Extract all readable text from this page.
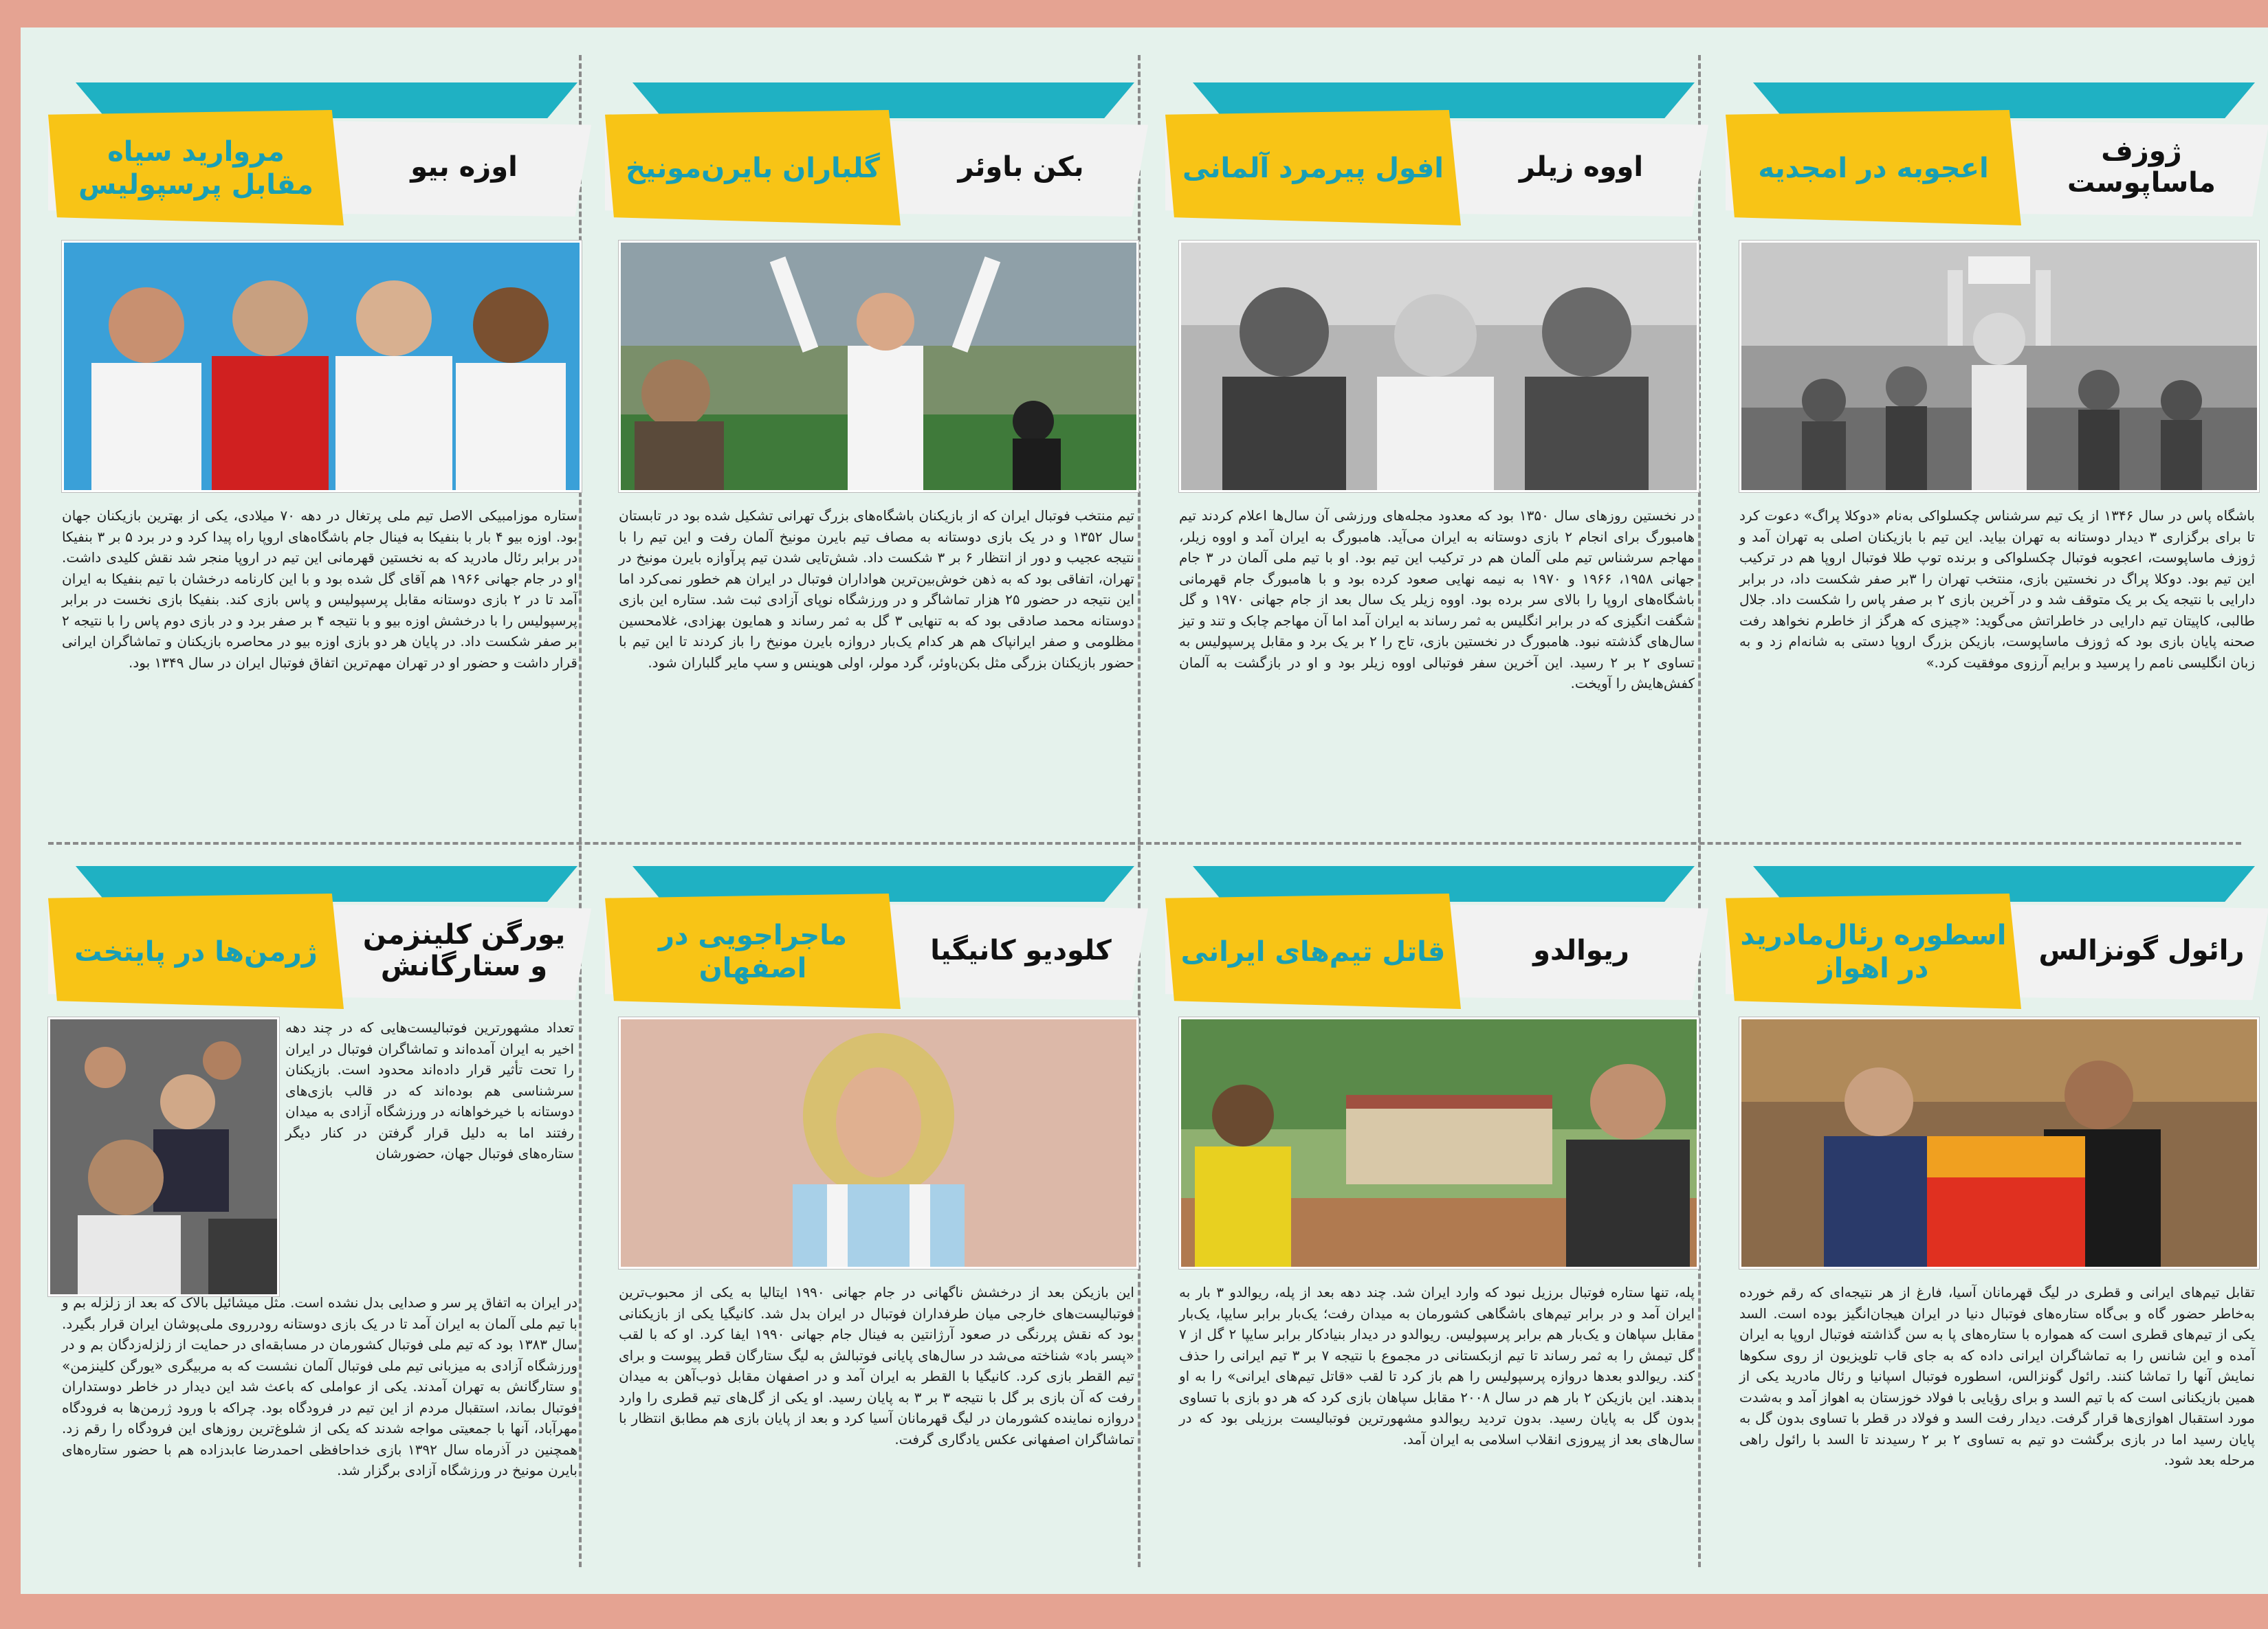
ژوزف ماساپوست
اعجوبه در امجدیه
باشگاه پاس در سال ۱۳۴۶ از یک تیم سرشناس چکسلواکی به‌نام «دوکلا پراگ» دعوت کرد تا برای برگزاری ۳ دیدار دوستانه به تهران بیاید. این تیم با بازیکنان اصلی به تهران آمد و ژوزف ماساپوست، اعجوبه فوتبال چکسلواکی و برنده توپ طلا فوتبال اروپا هم در ترکیب این تیم بود. دوکلا پراگ در نخستین بازی، منتخب تهران را ۳بر صفر شکست داد، در برابر دارایی با نتیجه یک بر یک متوقف شد و در آخرین بازی ۲ بر صفر پاس را شکست داد. جلال طالبی، کاپیتان تیم دارایی در خاطراتش می‌گوید: «چیزی که هرگز از خاطرم نخواهد رفت صحنه پایان بازی بود که ژوزف ماساپوست، بازیکن بزرگ اروپا دستی به شانه‌ام زد و به زبان انگلیسی نامم را پرسید و برایم آرزوی موفقیت کرد.»
اووه زیلر
افول پیرمرد آلمانی
در نخستین روزهای سال ۱۳۵۰ بود که معدود مجله‌های ورزشی آن سال‌ها اعلام کردند تیم هامبورگ برای انجام ۲ بازی دوستانه به ایران می‌آید. هامبورگ به ایران آمد و اووه زیلر، مهاجم سرشناس تیم ملی آلمان هم در ترکیب این تیم بود. او با تیم ملی آلمان در ۳ جام جهانی ۱۹۵۸، ۱۹۶۶ و ۱۹۷۰ به نیمه نهایی صعود کرده بود و با هامبورگ جام قهرمانی باشگاه‌های اروپا را بالای سر برده بود. اووه زیلر یک سال بعد از جام جهانی ۱۹۷۰ و گل شگفت انگیزی که در برابر انگلیس به ثمر رساند به ایران آمد اما آن مهاجم چابک و تند و تیز سال‌های گذشته نبود. هامبورگ در نخستین بازی، تاج را ۲ بر یک برد و مقابل پرسپولیس به تساوی ۲ بر ۲ رسید. این آخرین سفر فوتبالی اووه زیلر بود و او در بازگشت به آلمان کفش‌هایش را آویخت.
بکن باوئر
گلباران بایرن‌مونیخ
تیم منتخب فوتبال ایران که از بازیکنان باشگاه‌های بزرگ تهرانی تشکیل شده بود در تابستان سال ۱۳۵۲ و در یک بازی دوستانه به مصاف تیم بایرن مونیخ آلمان رفت و این تیم را با نتیجه عجیب و دور از انتظار ۶ بر ۳ شکست داد. شش‌تایی شدن تیم پرآوازه بایرن مونیخ در تهران، اتفاقی بود که به ذهن خوش‌بین‌ترین هواداران فوتبال در ایران هم خطور نمی‌کرد اما این نتیجه در حضور ۲۵ هزار تماشاگر و در ورزشگاه نوپای آزادی ثبت شد. ستاره این بازی دوستانه محمد صادقی بود که به تنهایی ۳ گل به ثمر رساند و همایون بهزادی، غلامحسین مظلومی و صفر ایرانپاک هم هر کدام یک‌بار دروازه بایرن مونیخ را باز کردند تا این تیم با حضور بازیکنان بزرگی مثل بکن‌باوئر، گرد مولر، اولی هوینس و سپ مایر گلباران شود.
اوزه بیو
مروارید سیاه مقابل پرسپولیس
ستاره موزامبیکی الاصل تیم ملی پرتغال در دهه ۷۰ میلادی، یکی از بهترین بازیکنان جهان بود. اوزه بیو ۴ بار با بنفیکا به فینال جام باشگاه‌های اروپا راه پیدا کرد و در برد ۵ بر ۳ بنفیکا در برابر رئال مادرید که به نخستین قهرمانی این تیم در اروپا منجر شد نقش کلیدی داشت. او در جام جهانی ۱۹۶۶ هم آقای گل شده بود و با این کارنامه درخشان با تیم بنفیکا به ایران آمد تا در ۲ بازی دوستانه مقابل پرسپولیس و پاس بازی کند. بنفیکا بازی نخست در برابر پرسپولیس را با درخشش اوزه بیو و با نتیجه ۴ بر صفر برد و در بازی دوم پاس را با نتیجه ۲ بر صفر شکست داد. در پایان هر دو بازی اوزه بیو در محاصره بازیکنان و تماشاگران ایرانی قرار داشت و حضور او در تهران مهم‌ترین اتفاق فوتبال ایران در سال ۱۳۴۹ بود.
رائول گونزالس
اسطوره رئال‌مادرید در اهواز
تقابل تیم‌های ایرانی و قطری در لیگ قهرمانان آسیا، فارغ از هر نتیجه‌ای که رقم خورده به‌خاطر حضور گاه و بی‌گاه ستاره‌های فوتبال دنیا در ایران هیجان‌انگیز بوده است. السد یکی از تیم‌های قطری است که همواره با ستاره‌های پا به سن گذاشته فوتبال اروپا به ایران آمده و این شانس را به تماشاگران ایرانی داده که به جای قاب تلویزیون از روی سکوها نمایش آنها را تماشا کنند. رائول گونزالس، اسطوره فوتبال اسپانیا و رئال مادرید یکی از همین بازیکنانی است که با تیم السد و برای رؤیایی با فولاد خوزستان به اهواز آمد و به‌شدت مورد استقبال اهوازی‌ها قرار گرفت. دیدار رفت السد و فولاد در قطر با تساوی بدون گل به پایان رسید اما در بازی برگشت دو تیم به تساوی ۲ بر ۲ رسیدند تا السد با رائول راهی مرحله بعد شود.
ریوالدو
قاتل تیم‌های ایرانی
پله، تنها ستاره فوتبال برزیل نبود که وارد ایران شد. چند دهه بعد از پله، ریوالدو ۳ بار به ایران آمد و در برابر تیم‌های باشگاهی کشورمان به میدان رفت؛ یک‌بار برابر سایپا، یک‌بار مقابل سپاهان و یک‌بار هم برابر پرسپولیس. ریوالدو در دیدار بنیادکار برابر سایپا ۲ گل از ۷ گل تیمش را به ثمر رساند تا تیم ازبکستانی در مجموع با نتیجه ۷ بر ۳ تیم ایرانی را حذف کند. ریوالدو بعدها دروازه پرسپولیس را هم باز کرد تا لقب «قاتل تیم‌های ایرانی» را به او بدهند. این بازیکن ۲ بار هم در سال ۲۰۰۸ مقابل سپاهان بازی کرد که هر دو بازی با تساوی بدون گل به پایان رسید. بدون تردید ریوالدو مشهورترین فوتبالیست برزیلی بود که در سال‌های بعد از پیروزی انقلاب اسلامی به ایران آمد.
کلودیو کانیگیا
ماجراجویی در اصفهان
این بازیکن بعد از درخشش ناگهانی در جام جهانی ۱۹۹۰ ایتالیا به یکی از محبوب‌ترین فوتبالیست‌های خارجی میان طرفداران فوتبال در ایران بدل شد. کانیگیا یکی از بازیکنانی بود که نقش پررنگی در صعود آرژانتین به فینال جام جهانی ۱۹۹۰ ایفا کرد. او که با لقب «پسر باد» شناخته می‌شد در سال‌های پایانی فوتبالش به لیگ ستارگان قطر پیوست و برای تیم القطر بازی کرد. کانیگیا با القطر به ایران آمد و در اصفهان مقابل ذوب‌آهن به میدان رفت که آن بازی بر گل با نتیجه ۳ بر ۳ به پایان رسید. او یکی از گل‌های تیم قطری را وارد دروازه نماینده کشورمان در لیگ قهرمانان آسیا کرد و بعد از پایان بازی هم مطابق انتظار با تماشاگران اصفهانی عکس یادگاری گرفت.
یورگن کلینزمن و ستارگانش
ژرمن‌ها در پایتخت
تعداد مشهورترین فوتبالیست‌هایی که در چند دهه اخیر به ایران آمده‌اند و تماشاگران فوتبال در ایران را تحت تأثیر قرار داده‌اند محدود است. بازیکنان سرشناسی هم بوده‌اند که در قالب بازی‌های دوستانه با خیرخواهانه در ورزشگاه آزادی به میدان رفتند اما به دلیل قرار گرفتن در کنار دیگر ستاره‌های فوتبال جهان، حضورشان
در ایران به اتفاق پر سر و صدایی بدل نشده است. مثل میشائیل بالاک که بعد از زلزله بم و با تیم ملی آلمان به ایران آمد تا در یک بازی دوستانه رودرروی ملی‌پوشان ایران قرار بگیرد. سال ۱۳۸۳ بود که تیم ملی فوتبال کشورمان در مسابقه‌ای در حمایت از زلزله‌زدگان بم و در ورزشگاه آزادی به میزبانی تیم ملی فوتبال آلمان نشست که به مربیگری «یورگن کلینزمن» و ستارگانش به تهران آمدند. یکی از عواملی که باعث شد این دیدار در خاطر دوستداران فوتبال بماند، استقبال مردم از این تیم در فرودگاه بود. چراکه با ورود ژرمن‌ها به فرودگاه مهرآباد، آنها با جمعیتی مواجه شدند که یکی از شلوغ‌ترین روزهای این فرودگاه را رقم زد. همچنین در آذرماه سال ۱۳۹۲ بازی خداحافظی احمدرضا عابدزاده هم با حضور ستاره‌های بایرن مونیخ در ورزشگاه آزادی برگزار شد.
